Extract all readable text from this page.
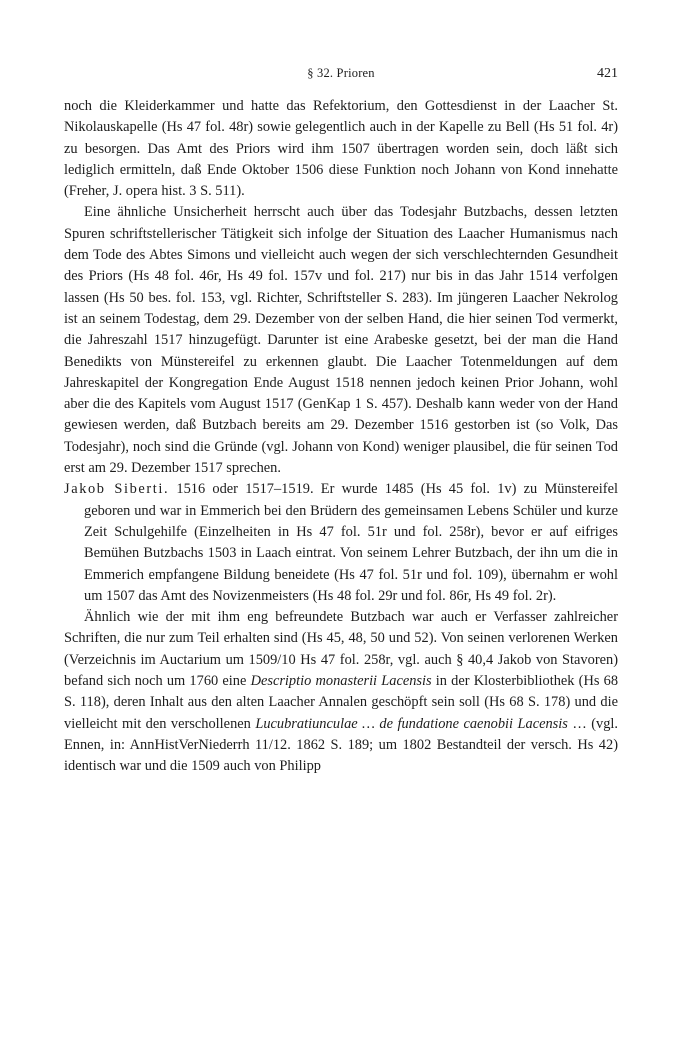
§ 32. Prioren	421

noch die Kleiderkammer und hatte das Refektorium, den Gottesdienst in der Laacher St. Nikolauskapelle (Hs 47 fol. 48r) sowie gelegentlich auch in der Kapelle zu Bell (Hs 51 fol. 4r) zu besorgen. Das Amt des Priors wird ihm 1507 übertragen worden sein, doch läßt sich lediglich ermitteln, daß Ende Oktober 1506 diese Funktion noch Johann von Kond innehatte (Freher, J. opera hist. 3 S. 511).

Eine ähnliche Unsicherheit herrscht auch über das Todesjahr Butzbachs, dessen letzten Spuren schriftstellerischer Tätigkeit sich infolge der Situation des Laacher Humanismus nach dem Tode des Abtes Simons und vielleicht auch wegen der sich verschlechternden Gesundheit des Priors (Hs 48 fol. 46r, Hs 49 fol. 157v und fol. 217) nur bis in das Jahr 1514 verfolgen lassen (Hs 50 bes. fol. 153, vgl. Richter, Schriftsteller S. 283). Im jüngeren Laacher Nekrolog ist an seinem Todestag, dem 29. Dezember von der selben Hand, die hier seinen Tod vermerkt, die Jahreszahl 1517 hinzugefügt. Darunter ist eine Arabeske gesetzt, bei der man die Hand Benedikts von Münstereifel zu erkennen glaubt. Die Laacher Totenmeldungen auf dem Jahreskapitel der Kongregation Ende August 1518 nennen jedoch keinen Prior Johann, wohl aber die des Kapitels vom August 1517 (GenKap 1 S. 457). Deshalb kann weder von der Hand gewiesen werden, daß Butzbach bereits am 29. Dezember 1516 gestorben ist (so Volk, Das Todesjahr), noch sind die Gründe (vgl. Johann von Kond) weniger plausibel, die für seinen Tod erst am 29. Dezember 1517 sprechen.

Jakob Siberti. 1516 oder 1517–1519. Er wurde 1485 (Hs 45 fol. 1v) zu Münstereifel geboren und war in Emmerich bei den Brüdern des gemeinsamen Lebens Schüler und kurze Zeit Schulgehilfe (Einzelheiten in Hs 47 fol. 51r und fol. 258r), bevor er auf eifriges Bemühen Butzbachs 1503 in Laach eintrat. Von seinem Lehrer Butzbach, der ihn um die in Emmerich empfangene Bildung beneidete (Hs 47 fol. 51r und fol. 109), übernahm er wohl um 1507 das Amt des Novizenmeisters (Hs 48 fol. 29r und fol. 86r, Hs 49 fol. 2r).

Ähnlich wie der mit ihm eng befreundete Butzbach war auch er Verfasser zahlreicher Schriften, die nur zum Teil erhalten sind (Hs 45, 48, 50 und 52). Von seinen verlorenen Werken (Verzeichnis im Auctarium um 1509/10 Hs 47 fol. 258r, vgl. auch § 40,4 Jakob von Stavoren) befand sich noch um 1760 eine Descriptio monasterii Lacensis in der Klosterbibliothek (Hs 68 S. 118), deren Inhalt aus den alten Laacher Annalen geschöpft sein soll (Hs 68 S. 178) und die vielleicht mit den verschollenen Lucubratiunculae … de fundatione caenobii Lacensis … (vgl. Ennen, in: AnnHistVerNiederrh 11/12. 1862 S. 189; um 1802 Bestandteil der versch. Hs 42) identisch war und die 1509 auch von Philipp
